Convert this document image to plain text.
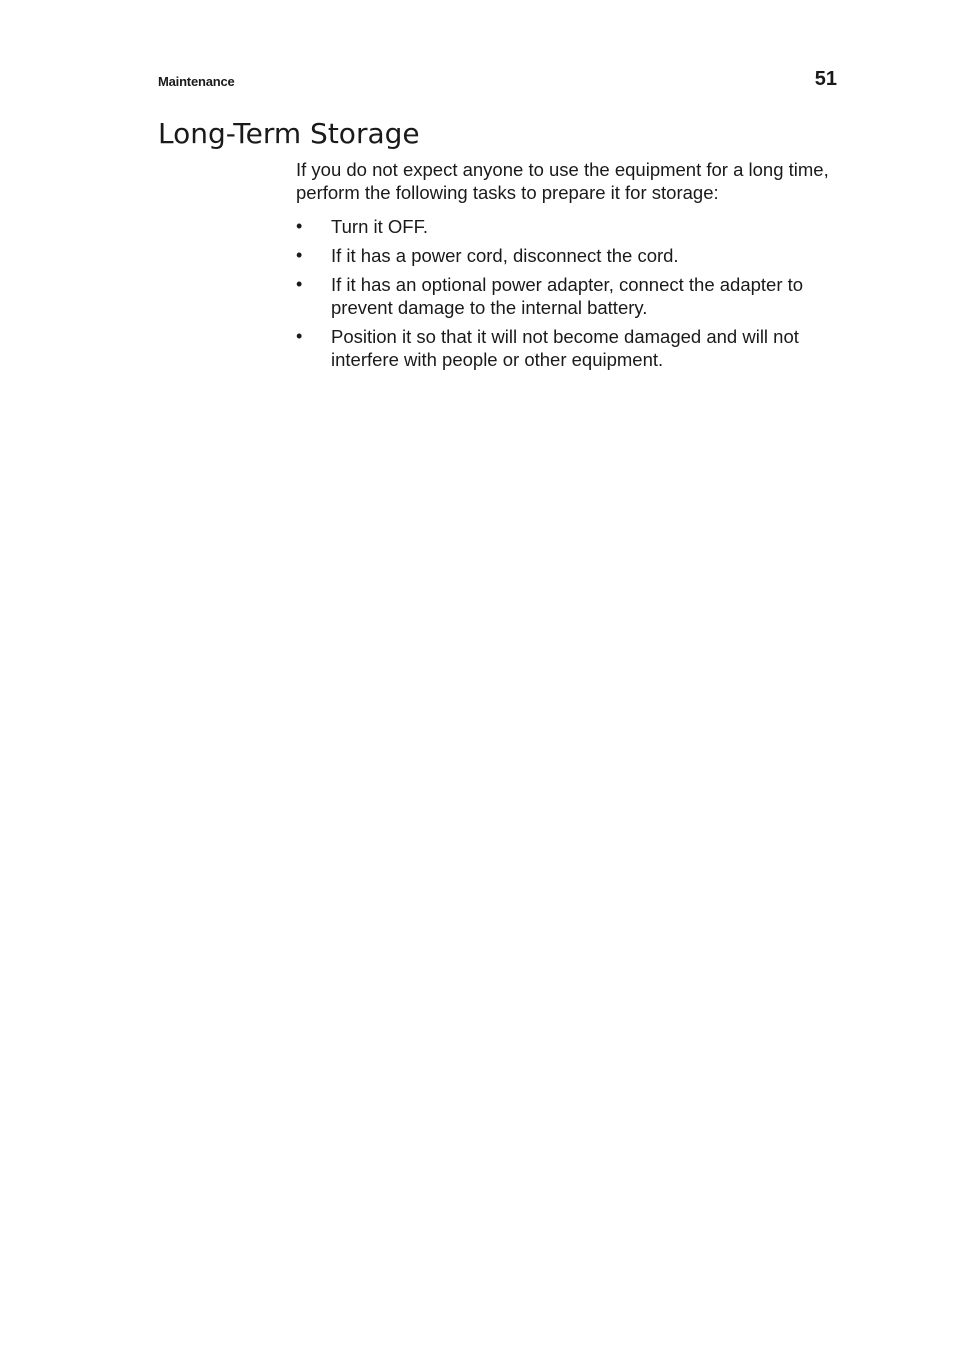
Maintenance	51
Long-Term Storage

If you do not expect anyone to use the equipment for a long time, perform the following tasks to prepare it for storage:

• Turn it OFF.
• If it has a power cord, disconnect the cord.
• If it has an optional power adapter, connect the adapter to prevent damage to the internal battery.
• Position it so that it will not become damaged and will not interfere with people or other equipment.
